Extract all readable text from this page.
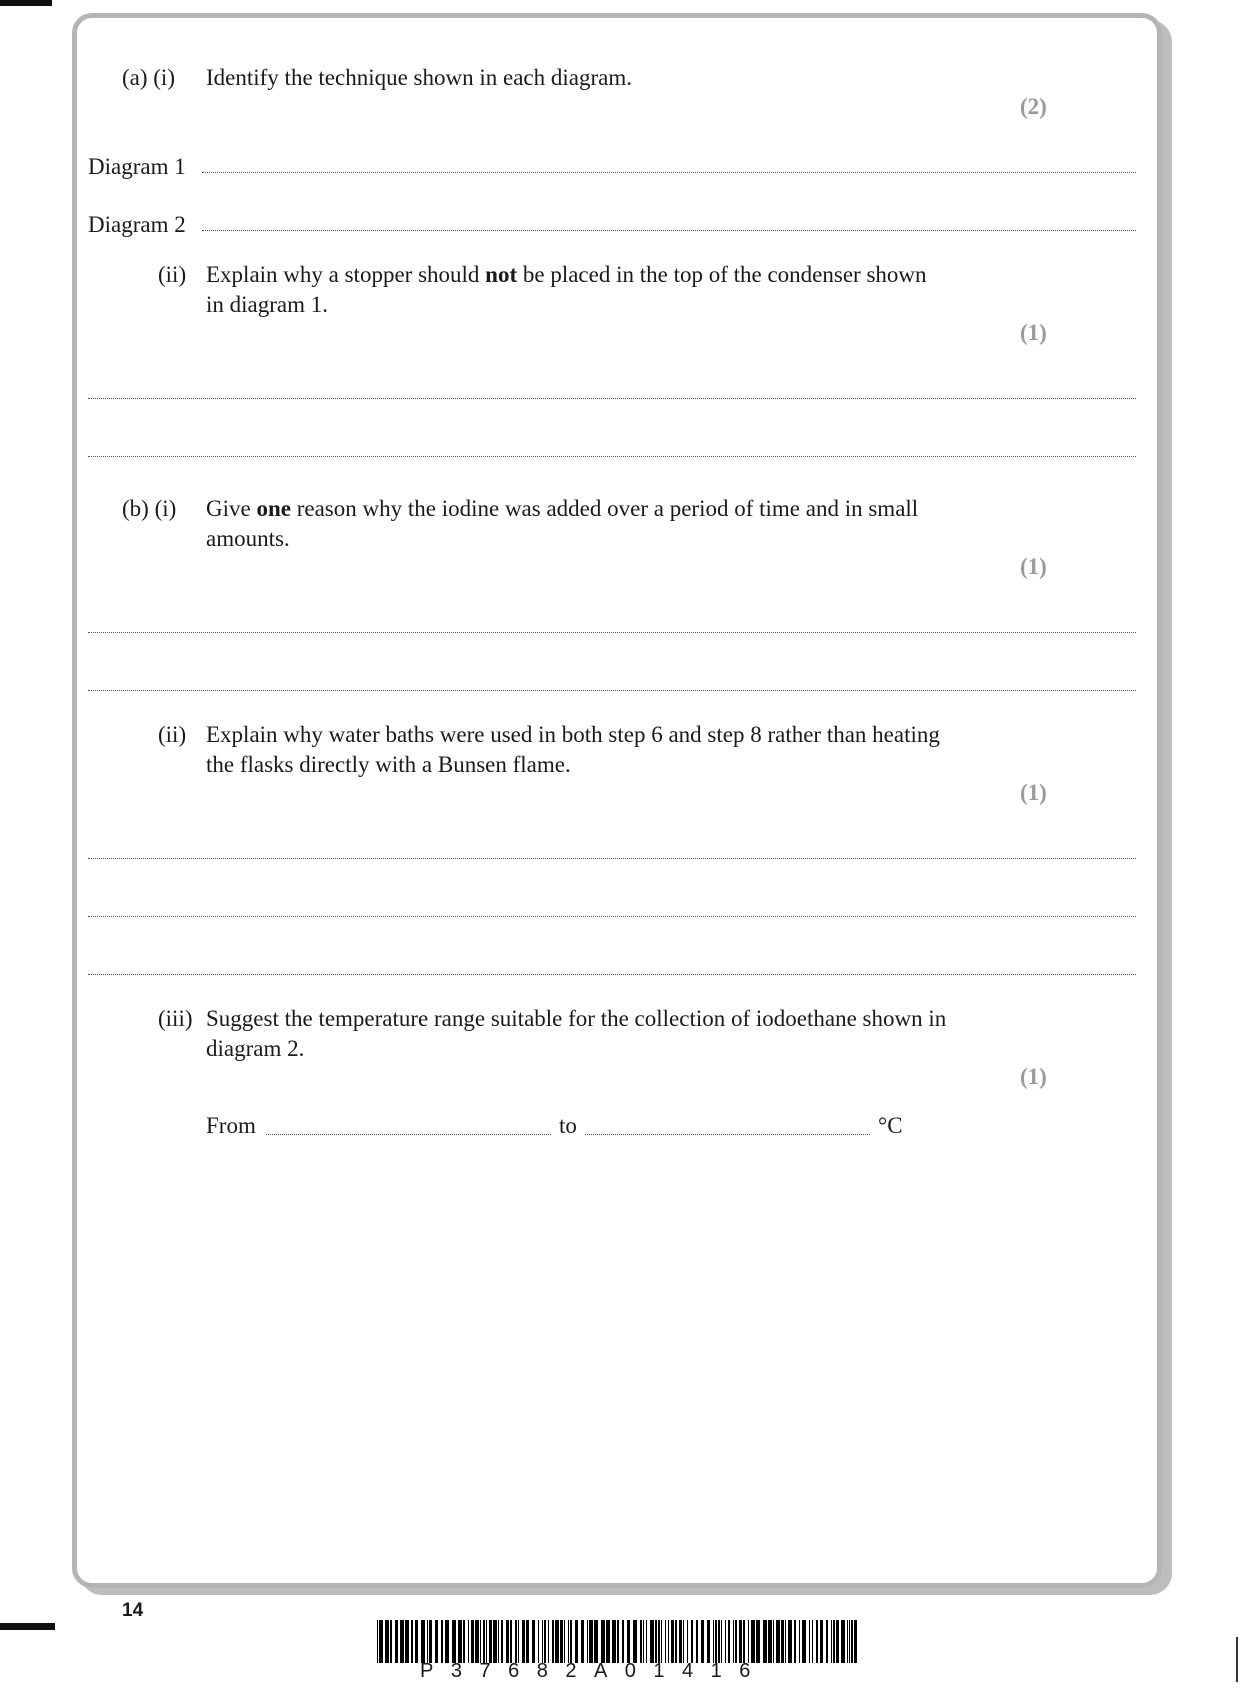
(a) (i) Identify the technique shown in each diagram.
(2)
Diagram 1
Diagram 2
(ii) Explain why a stopper should not be placed in the top of the condenser shown
in diagram 1.
(1)
(b) (i) Give one reason why the iodine was added over a period of time and in small
amounts.
(1)
(ii) Explain why water baths were used in both step 6 and step 8 rather than heating
the flasks directly with a Bunsen flame.
(1)
(iii) Suggest the temperature range suitable for the collection of iodoethane shown in
diagram 2.
(1)
From	to	°C
14
P37682A01416
